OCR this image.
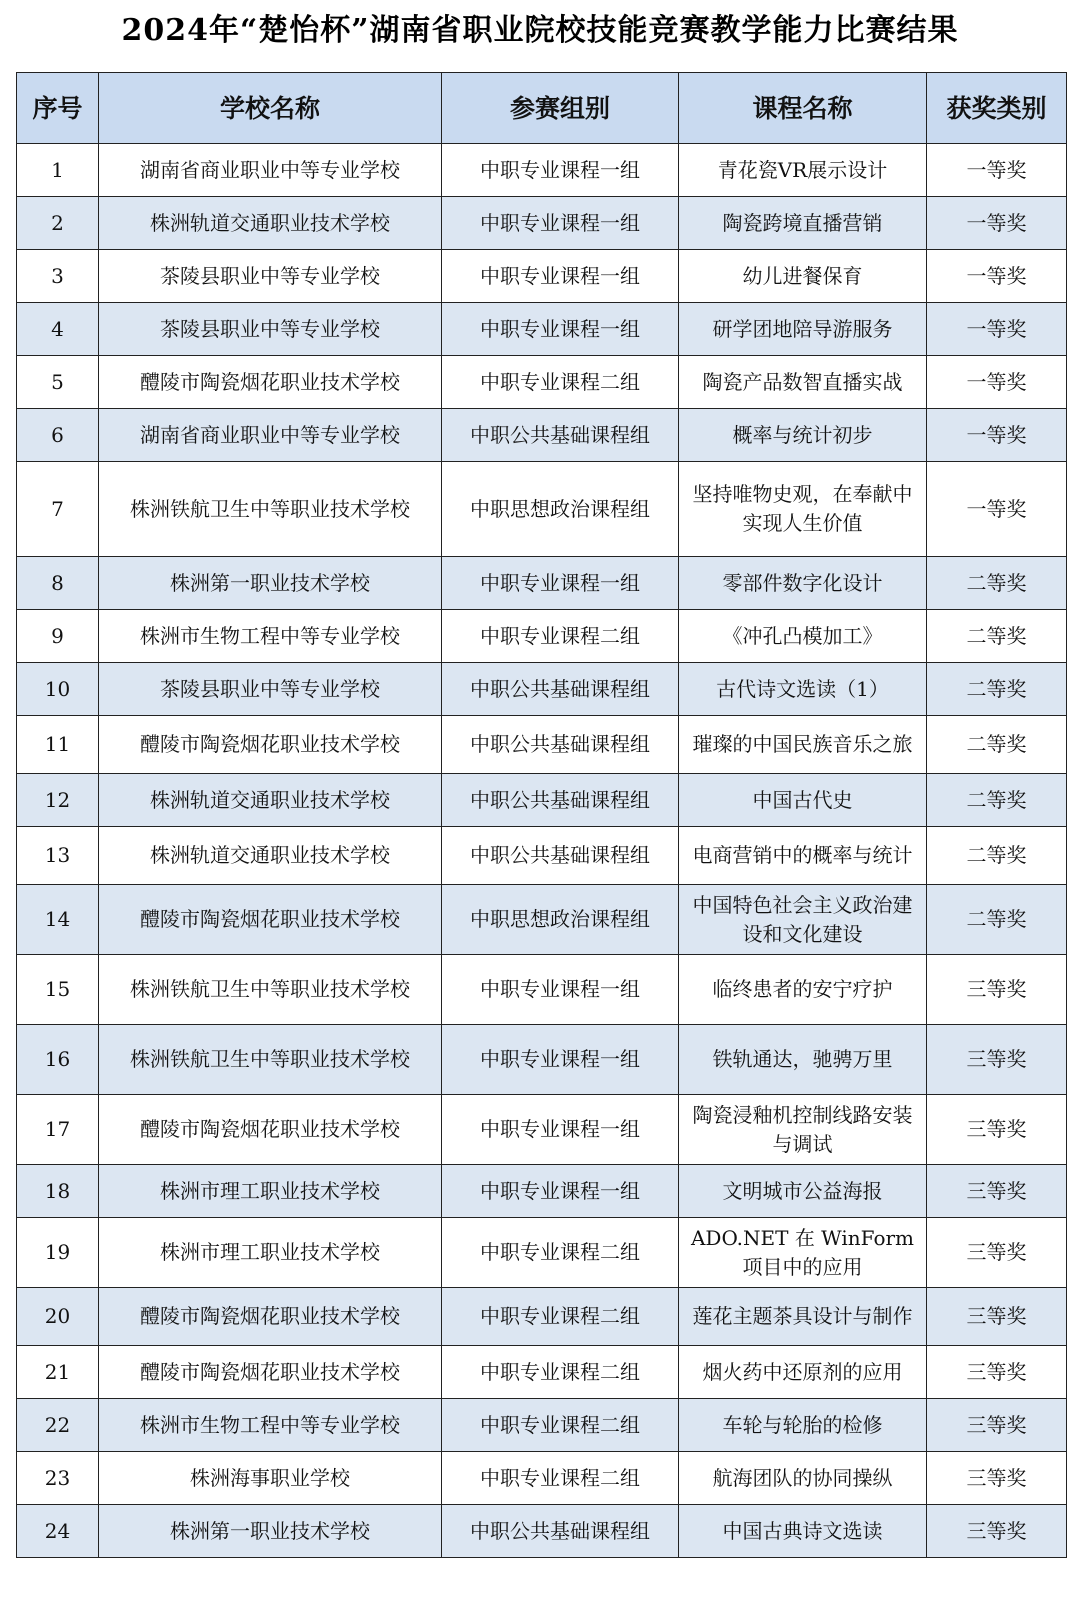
2024年“楚怡杯”湖南省职业院校技能竞赛教学能力比赛结果
序号	学校名称	参赛组别	课程名称	获奖类别
1	湖南省商业职业中等专业学校	中职专业课程一组	青花瓷VR展示设计	一等奖
2	株洲轨道交通职业技术学校	中职专业课程一组	陶瓷跨境直播营销	一等奖
3	茶陵县职业中等专业学校	中职专业课程一组	幼儿进餐保育	一等奖
4	茶陵县职业中等专业学校	中职专业课程一组	研学团地陪导游服务	一等奖
5	醴陵市陶瓷烟花职业技术学校	中职专业课程二组	陶瓷产品数智直播实战	一等奖
6	湖南省商业职业中等专业学校	中职公共基础课程组	概率与统计初步	一等奖
7	株洲铁航卫生中等职业技术学校	中职思想政治课程组	坚持唯物史观，在奉献中实现人生价值	一等奖
8	株洲第一职业技术学校	中职专业课程一组	零部件数字化设计	二等奖
9	株洲市生物工程中等专业学校	中职专业课程二组	《冲孔凸模加工》	二等奖
10	茶陵县职业中等专业学校	中职公共基础课程组	古代诗文选读（1）	二等奖
11	醴陵市陶瓷烟花职业技术学校	中职公共基础课程组	璀璨的中国民族音乐之旅	二等奖
12	株洲轨道交通职业技术学校	中职公共基础课程组	中国古代史	二等奖
13	株洲轨道交通职业技术学校	中职公共基础课程组	电商营销中的概率与统计	二等奖
14	醴陵市陶瓷烟花职业技术学校	中职思想政治课程组	中国特色社会主义政治建设和文化建设	二等奖
15	株洲铁航卫生中等职业技术学校	中职专业课程一组	临终患者的安宁疗护	三等奖
16	株洲铁航卫生中等职业技术学校	中职专业课程一组	铁轨通达，驰骋万里	三等奖
17	醴陵市陶瓷烟花职业技术学校	中职专业课程一组	陶瓷浸釉机控制线路安装与调试	三等奖
18	株洲市理工职业技术学校	中职专业课程一组	文明城市公益海报	三等奖
19	株洲市理工职业技术学校	中职专业课程二组	ADO.NET 在 WinForm 项目中的应用	三等奖
20	醴陵市陶瓷烟花职业技术学校	中职专业课程二组	莲花主题茶具设计与制作	三等奖
21	醴陵市陶瓷烟花职业技术学校	中职专业课程二组	烟火药中还原剂的应用	三等奖
22	株洲市生物工程中等专业学校	中职专业课程二组	车轮与轮胎的检修	三等奖
23	株洲海事职业学校	中职专业课程二组	航海团队的协同操纵	三等奖
24	株洲第一职业技术学校	中职公共基础课程组	中国古典诗文选读	三等奖
